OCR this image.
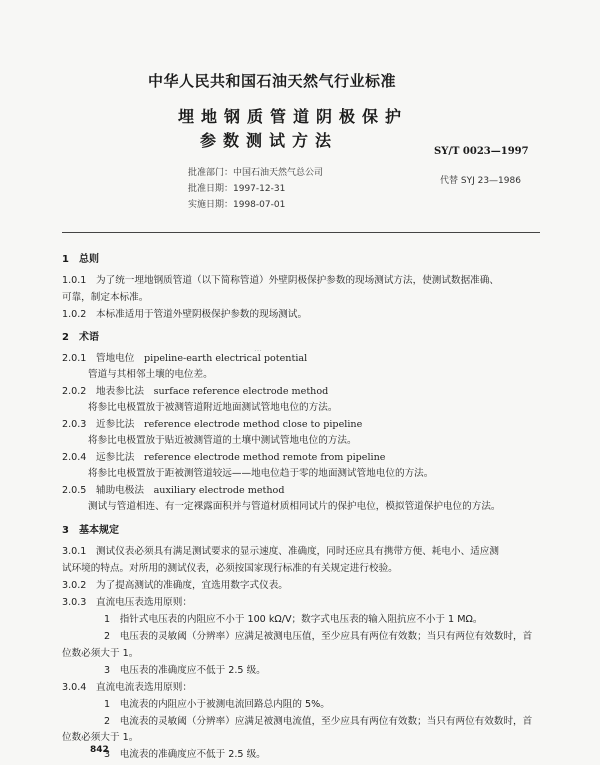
中华人民共和国石油天然气行业标准
埋地钢质管道阴极保护
参数测试方法
SY/T 0023—1997
批准部门：中国石油天然气总公司
批准日期：1997-12-31
实施日期：1998-07-01
代替 SYJ 23—1986
1　总则
1.0.1　为了统一埋地钢质管道（以下简称管道）外壁阴极保护参数的现场测试方法，使测试数据准确、
可靠，制定本标准。
1.0.2　本标准适用于管道外壁阴极保护参数的现场测试。
2　术语
…
2.0.1　管地电位　 pipeline-earth electrical potential
管道与其相邻土壤的电位差。
2.0.2　地表参比法　 surface reference electrode method
将参比电极置放于被测管道附近地面测试管地电位的方法。
2.0.3　近参比法　 reference electrode method close to pipeline
将参比电极置放于贴近被测管道的土壤中测试管地电位的方法。
2.0.4　远参比法　 reference electrode method remote from pipeline
将参比电极置放于距被测管道较远——地电位趋于零的地面测试管地电位的方法。
2.0.5　辅助电极法　 auxiliary electrode method
测试与管道相连、有一定裸露面积并与管道材质相同试片的保护电位，模拟管道保护电位的方法。
3　基本规定
3.0.1　测试仪表必须具有满足测试要求的显示速度、准确度，同时还应具有携带方便、耗电小、适应测
试环境的特点。对所用的测试仪表，必须按国家现行标准的有关规定进行校验。
3.0.2　为了提高测试的准确度，宜选用数字式仪表。
3.0.3　直流电压表选用原则：
1　指针式电压表的内阻应不小于 100 kΩ/V；数字式电压表的输入阻抗应不小于 1 MΩ。
2　电压表的灵敏阈（分辨率）应满足被测电压值，至少应具有两位有效数；当只有两位有效数时，首
位数必须大于 1。
3　电压表的准确度应不低于 2.5 级。
3.0.4　直流电流表选用原则：
1　电流表的内阻应小于被测电流回路总内阻的 5%。
2　电流表的灵敏阈（分辨率）应满足被测电流值，至少应具有两位有效数；当只有两位有效数时，首
位数必须大于 1。
3　电流表的准确度应不低于 2.5 级。
842
